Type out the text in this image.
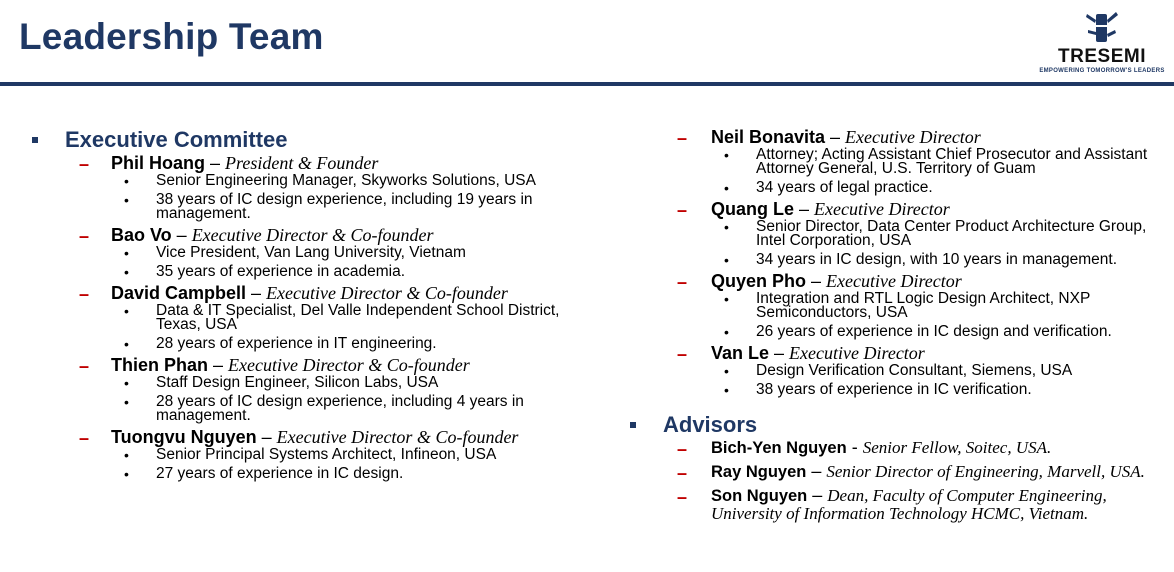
Leadership Team	TRESEMI
EMPOWERING TOMORROW'S LEADERS
Executive Committee
– Phil Hoang – President & Founder
• Senior Engineering Manager, Skyworks Solutions, USA
• 38 years of IC design experience, including 19 years in management.
– Bao Vo – Executive Director & Co-founder
• Vice President, Van Lang University, Vietnam
• 35 years of experience in academia.
– David Campbell – Executive Director & Co-founder
• Data & IT Specialist, Del Valle Independent School District, Texas, USA
• 28 years of experience in IT engineering.
– Thien Phan – Executive Director & Co-founder
• Staff Design Engineer, Silicon Labs, USA
• 28 years of IC design experience, including 4 years in management.
– Tuongvu Nguyen – Executive Director & Co-founder
• Senior Principal Systems Architect, Infineon, USA
• 27 years of experience in IC design.
– Neil Bonavita – Executive Director
• Attorney; Acting Assistant Chief Prosecutor and Assistant Attorney General, U.S. Territory of Guam
• 34 years of legal practice.
– Quang Le – Executive Director
• Senior Director, Data Center Product Architecture Group, Intel Corporation, USA
• 34 years in IC design, with 10 years in management.
– Quyen Pho – Executive Director
• Integration and RTL Logic Design Architect, NXP Semiconductors, USA
• 26 years of experience in IC design and verification.
– Van Le – Executive Director
• Design Verification Consultant, Siemens, USA
• 38 years of experience in IC verification.
Advisors
– Bich-Yen Nguyen - Senior Fellow, Soitec, USA.
– Ray Nguyen – Senior Director of Engineering, Marvell, USA.
– Son Nguyen – Dean, Faculty of Computer Engineering, University of Information Technology HCMC, Vietnam.
